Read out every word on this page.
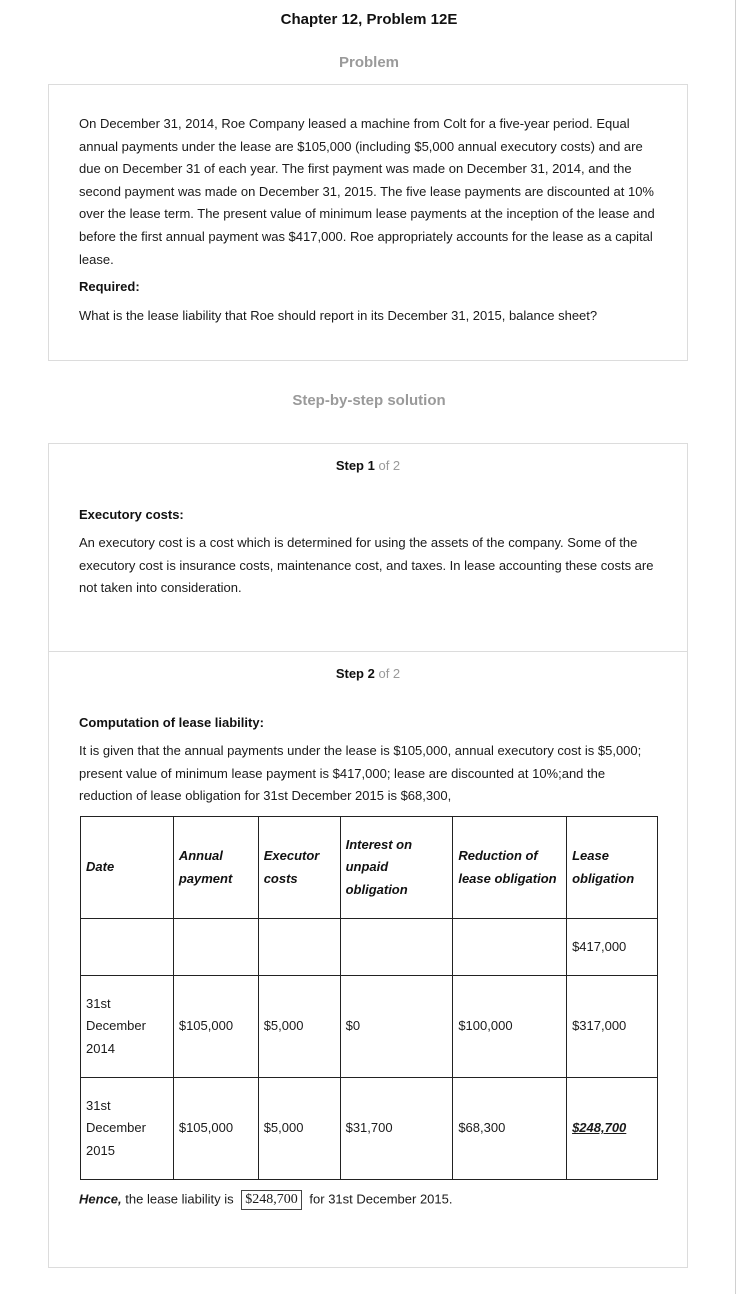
Chapter 12, Problem 12E
Problem
On December 31, 2014, Roe Company leased a machine from Colt for a five-year period. Equal annual payments under the lease are $105,000 (including $5,000 annual executory costs) and are due on December 31 of each year. The first payment was made on December 31, 2014, and the second payment was made on December 31, 2015. The five lease payments are discounted at 10% over the lease term. The present value of minimum lease payments at the inception of the lease and before the first annual payment was $417,000. Roe appropriately accounts for the lease as a capital lease.
Required:
What is the lease liability that Roe should report in its December 31, 2015, balance sheet?
Step-by-step solution
Step 1 of 2
Executory costs:
An executory cost is a cost which is determined for using the assets of the company. Some of the executory cost is insurance costs, maintenance cost, and taxes. In lease accounting these costs are not taken into consideration.
Step 2 of 2
Computation of lease liability:
It is given that the annual payments under the lease is $105,000, annual executory cost is $5,000; present value of minimum lease payment is $417,000; lease are discounted at 10%;and the reduction of lease obligation for 31st December 2015 is $68,300,
Date	Annual payment	Executor costs	Interest on unpaid obligation	Reduction of lease obligation	Lease obligation
					$417,000
31st December 2014	$105,000	$5,000	$0	$100,000	$317,000
31st December 2015	$105,000	$5,000	$31,700	$68,300	$248,700
Hence, the lease liability is $248,700 for 31st December 2015.
